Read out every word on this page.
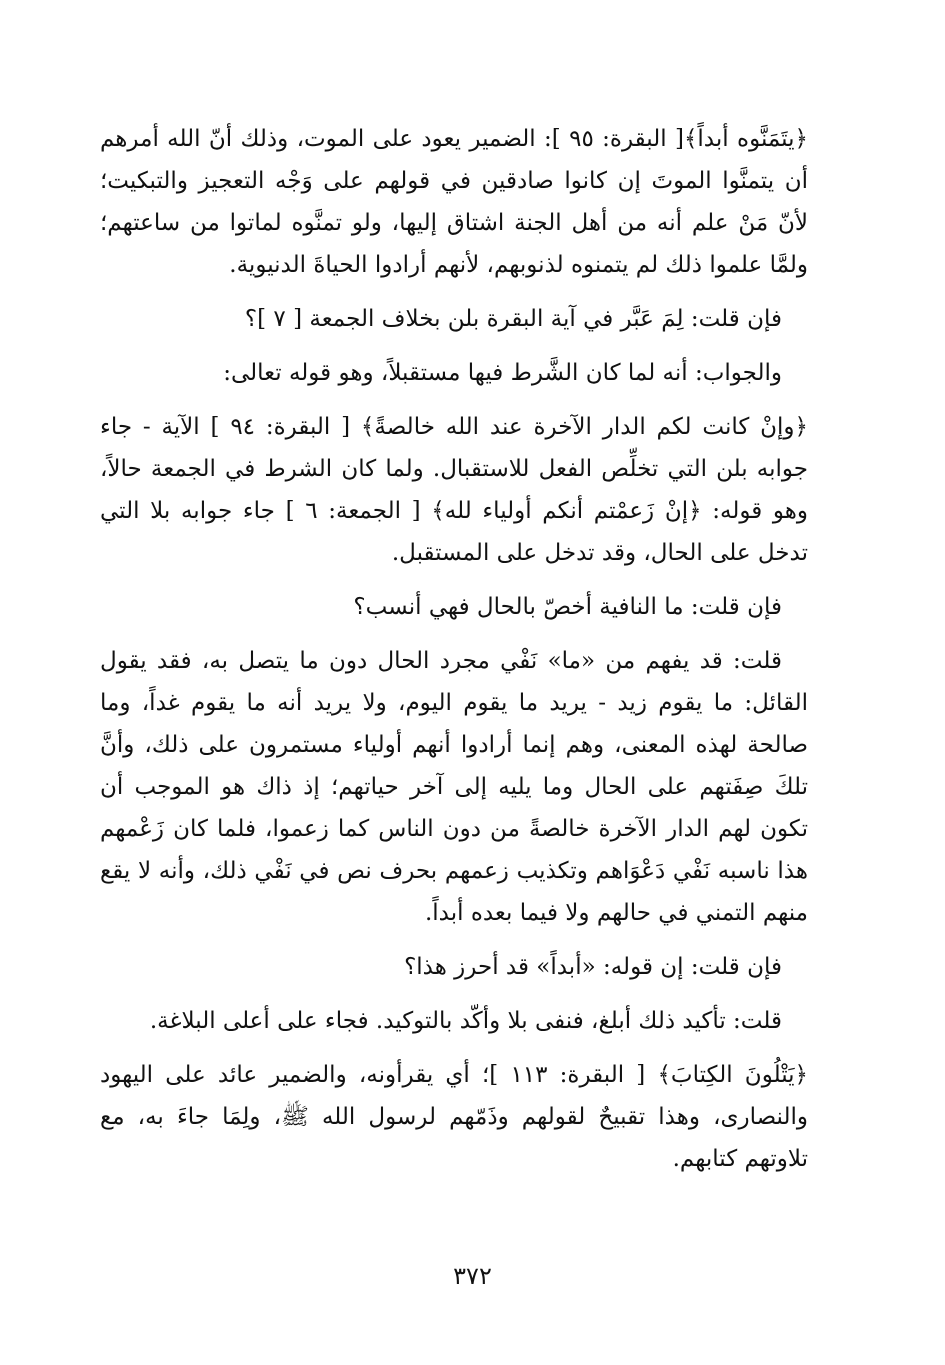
﴿يتَمَنَّوه أبداً﴾[ البقرة: ٩٥ ]: الضمير يعود على الموت، وذلك أنّ الله أمرهم أن يتمنَّوا الموتَ إن كانوا صادقين في قولهم على وَجْه التعجيز والتبكيت؛ لأنّ مَنْ علم أنه من أهل الجنة اشتاق إليها، ولو تمنَّوه لماتوا من ساعتهم؛ ولمَّا علموا ذلك لم يتمنوه لذنوبهم، لأنهم أرادوا الحياةَ الدنيوية.

فإن قلت: لِمَ عَبَّر في آية البقرة بلن بخلاف الجمعة [ ٧ ]؟

والجواب: أنه لما كان الشَّرط فيها مستقبلاً، وهو قوله تعالى:

﴿وإنْ كانت لكم الدار الآخرة عند الله خالصةً﴾ [ البقرة: ٩٤ ] الآية - جاء جوابه بلن التي تخلِّص الفعل للاستقبال. ولما كان الشرط في الجمعة حالاً، وهو قوله: ﴿إنْ زَعمْتم أنكم أولياء لله﴾ [ الجمعة: ٦ ] جاء جوابه بلا التي تدخل على الحال، وقد تدخل على المستقبل.

فإن قلت: ما النافية أخصّ بالحال فهي أنسب؟

قلت: قد يفهم من «ما» نَفْي مجرد الحال دون ما يتصل به، فقد يقول القائل: ما يقوم زيد - يريد ما يقوم اليوم، ولا يريد أنه ما يقوم غداً، وما صالحة لهذه المعنى، وهم إنما أرادوا أنهم أولياء مستمرون على ذلك، وأنَّ تلكَ صِفَتهم على الحال وما يليه إلى آخر حياتهم؛ إذ ذاك هو الموجب أن تكون لهم الدار الآخرة خالصةً من دون الناس كما زعموا، فلما كان زَعْمهم هذا ناسبه نَفْي دَعْوَاهم وتكذيب زعمهم بحرف نص في نَفْي ذلك، وأنه لا يقع منهم التمني في حالهم ولا فيما بعده أبداً.

فإن قلت: إن قوله: «أبداً» قد أحرز هذا؟

قلت: تأكيد ذلك أبلغ، فنفى بلا وأكّد بالتوكيد. فجاء على أعلى البلاغة.

﴿يَتْلُونَ الكِتابَ﴾ [ البقرة: ١١٣ ]؛ أي يقرأونه، والضمير عائد على اليهود والنصارى، وهذا تقبيحٌ لقولهم وذَمّهم لرسول الله ﷺ، ولِمَا جاءَ به، مع تلاوتهم كتابهم.

٣٧٢
